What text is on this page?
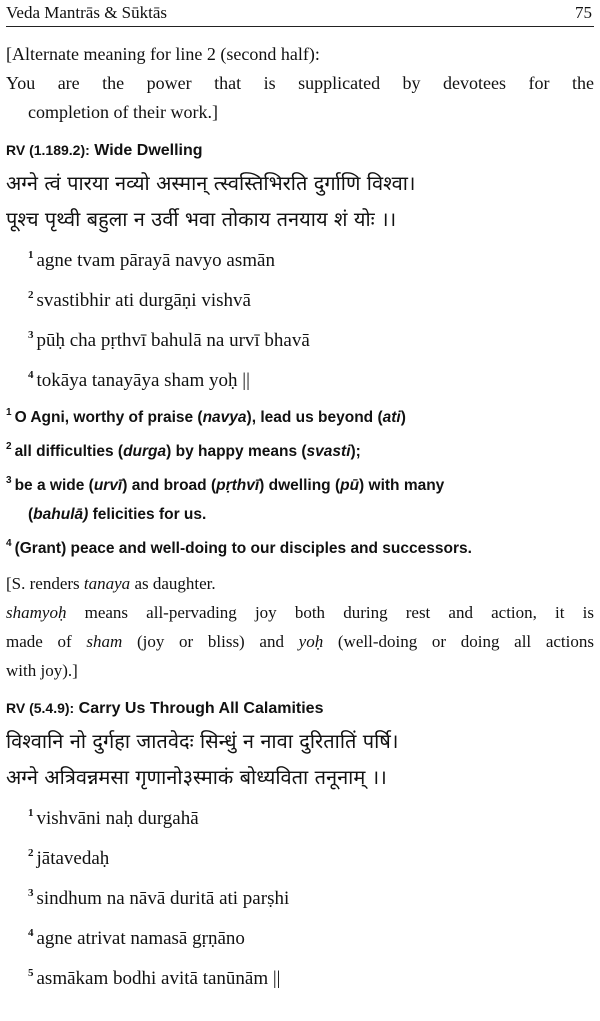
Veda Mantrās & Sūktās	75

[Alternate meaning for line 2 (second half):

You are the power that is supplicated by devotees for the

completion of their work.]

RV (1.189.2): Wide Dwelling
अग्ने त्वं पारया नव्यो अस्मान् त्स्वस्तिभिरति दुर्गाणि विश्वा।
पूश्च पृथ्वी बहुला न उर्वी भवा तोकाय तनयाय शं योः ।।
$^1$ agne tvam pārayā navyo asmān
$^2$ svastibhir ati durgāṇi vishvā
$^3$ pūḥ cha pṛthvī bahulā na urvī bhavā
$^4$ tokāya tanayāya sham yoḥ ||
$^1$ O Agni, worthy of praise (navya), lead us beyond (ati)
$^2$ all difficulties (durga) by happy means (svasti);
$^3$ be a wide (urvī) and broad (pṛthvī) dwelling (pū) with many
(bahulā) felicities for us.
$^4$ (Grant) peace and well-doing to our disciples and successors.

[S. renders tanaya as daughter.

shamyoḥ means all-pervading joy both during rest and action, it is

made of sham (joy or bliss) and yoḥ (well-doing or doing all actions

with joy).]

RV (5.4.9): Carry Us Through All Calamities
विश्वानि नो दुर्गहा जातवेदः सिन्धुं न नावा दुरितातिं पर्षि।
अग्ने अत्रिवन्नमसा गृणानो३स्माकं बोध्यविता तनूनाम् ।।
$^1$ vishvāni naḥ durgahā
$^2$ jātavedaḥ
$^3$ sindhum na nāvā duritā ati parṣhi
$^4$ agne atrivat namasā gṛṇāno
$^5$ asmākam bodhi avitā tanūnām ||
